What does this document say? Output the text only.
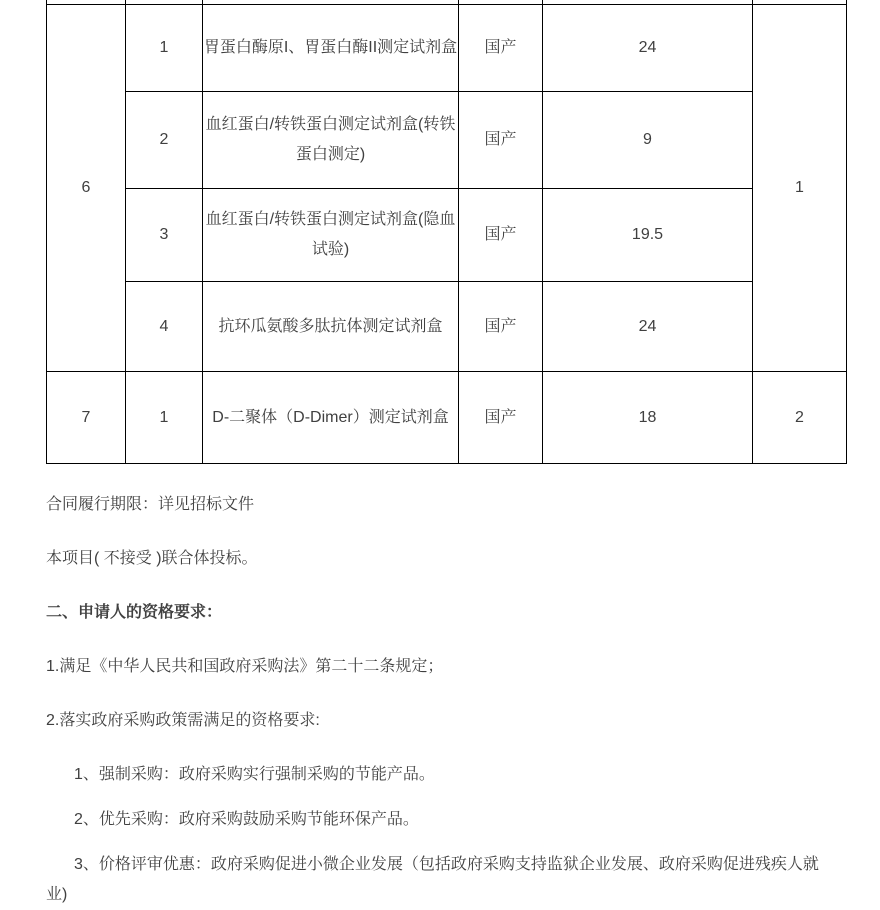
6	1	胃蛋白酶原I、胃蛋白酶II测定试剂盒	国产	24	1
	2	血红蛋白/转铁蛋白测定试剂盒(转铁蛋白测定)	国产	9	
	3	血红蛋白/转铁蛋白测定试剂盒(隐血试验)	国产	19.5	
	4	抗环瓜氨酸多肽抗体测定试剂盒	国产	24	
7	1	D-二聚体（D-Dimer）测定试剂盒	国产	18	2

合同履行期限：详见招标文件

本项目( 不接受 )联合体投标。

二、申请人的资格要求：

1.满足《中华人民共和国政府采购法》第二十二条规定；

2.落实政府采购政策需满足的资格要求:

1、强制采购：政府采购实行强制采购的节能产品。

2、优先采购：政府采购鼓励采购节能环保产品。

3、价格评审优惠：政府采购促进小微企业发展（包括政府采购支持监狱企业发展、政府采购促进残疾人就业)
